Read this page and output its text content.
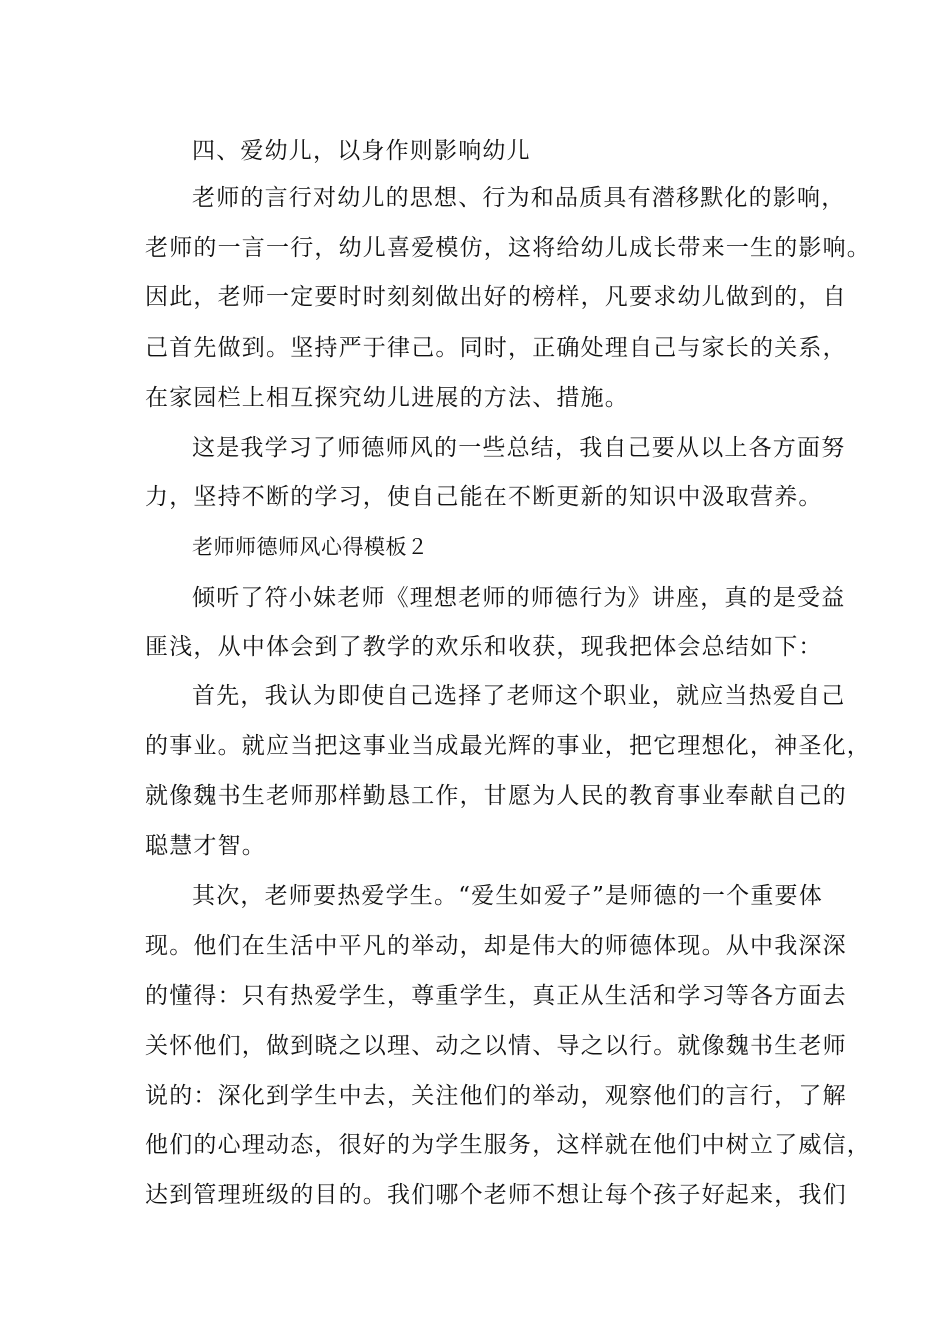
四、爱幼儿，以身作则影响幼儿
老师的言行对幼儿的思想、行为和品质具有潜移默化的影响，
老师的一言一行，幼儿喜爱模仿，这将给幼儿成长带来一生的影响。
因此，老师一定要时时刻刻做出好的榜样，凡要求幼儿做到的，自
己首先做到。坚持严于律己。同时，正确处理自己与家长的关系，
在家园栏上相互探究幼儿进展的方法、措施。
这是我学习了师德师风的一些总结，我自己要从以上各方面努
力，坚持不断的学习，使自己能在不断更新的知识中汲取营养。
老师师德师风心得模板２
倾听了符小妹老师《理想老师的师德行为》讲座，真的是受益
匪浅，从中体会到了教学的欢乐和收获，现我把体会总结如下：
首先，我认为即使自己选择了老师这个职业，就应当热爱自己
的事业。就应当把这事业当成最光辉的事业，把它理想化，神圣化，
就像魏书生老师那样勤恳工作，甘愿为人民的教育事业奉献自己的
聪慧才智。
其次，老师要热爱学生。“爱生如爱子”是师德的一个重要体
现。他们在生活中平凡的举动，却是伟大的师德体现。从中我深深
的懂得：只有热爱学生，尊重学生，真正从生活和学习等各方面去
关怀他们，做到晓之以理、动之以情、导之以行。就像魏书生老师
说的：深化到学生中去，关注他们的举动，观察他们的言行，了解
他们的心理动态，很好的为学生服务，这样就在他们中树立了威信，
达到管理班级的目的。我们哪个老师不想让每个孩子好起来，我们
